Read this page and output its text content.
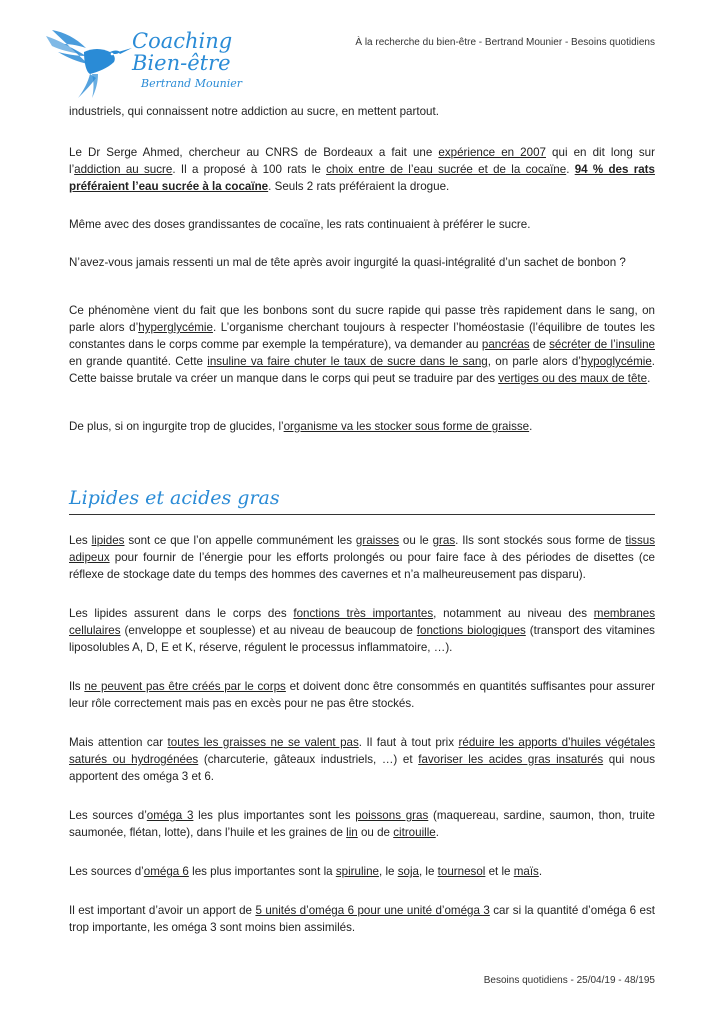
Coaching
Bien-être
Bertrand Mounier
À la recherche du bien-être - Bertrand Mounier - Besoins quotidiens

industriels, qui connaissent notre addiction au sucre, en mettent partout.

Le Dr Serge Ahmed, chercheur au CNRS de Bordeaux a fait une expérience en 2007 qui en dit long sur l’addiction au sucre. Il a proposé à 100 rats le choix entre de l’eau sucrée et de la cocaïne. 94 % des rats préféraient l’eau sucrée à la cocaïne. Seuls 2 rats préféraient la drogue.

Même avec des doses grandissantes de cocaïne, les rats continuaient à préférer le sucre.

N’avez-vous jamais ressenti un mal de tête après avoir ingurgité la quasi-intégralité d’un sachet de bonbon ?

Ce phénomène vient du fait que les bonbons sont du sucre rapide qui passe très rapidement dans le sang, on parle alors d’hyperglycémie. L’organisme cherchant toujours à respecter l’homéostasie (l’équilibre de toutes les constantes dans le corps comme par exemple la température), va demander au pancréas de sécréter de l’insuline en grande quantité. Cette insuline va faire chuter le taux de sucre dans le sang, on parle alors d’hypoglycémie. Cette baisse brutale va créer un manque dans le corps qui peut se traduire par des vertiges ou des maux de tête.

De plus, si on ingurgite trop de glucides, l’organisme va les stocker sous forme de graisse.

Lipides et acides gras

Les lipides sont ce que l’on appelle communément les graisses ou le gras. Ils sont stockés sous forme de tissus adipeux pour fournir de l’énergie pour les efforts prolongés ou pour faire face à des périodes de disettes (ce réflexe de stockage date du temps des hommes des cavernes et n’a malheureusement pas disparu).

Les lipides assurent dans le corps des fonctions très importantes, notamment au niveau des membranes cellulaires (enveloppe et souplesse) et au niveau de beaucoup de fonctions biologiques (transport des vitamines liposolubles A, D, E et K, réserve, régulent le processus inflammatoire, …).

Ils ne peuvent pas être créés par le corps et doivent donc être consommés en quantités suffisantes pour assurer leur rôle correctement mais pas en excès pour ne pas être stockés.

Mais attention car toutes les graisses ne se valent pas. Il faut à tout prix réduire les apports d’huiles végétales saturés ou hydrogénées (charcuterie, gâteaux industriels, …) et favoriser les acides gras insaturés qui nous apportent des oméga 3 et 6.

Les sources d’oméga 3 les plus importantes sont les poissons gras (maquereau, sardine, saumon, thon, truite saumonée, flétan, lotte), dans l’huile et les graines de lin ou de citrouille.

Les sources d’oméga 6 les plus importantes sont la spiruline, le soja, le tournesol et le maïs.

Il est important d’avoir un apport de 5 unités d’oméga 6 pour une unité d’oméga 3 car si la quantité d’oméga 6 est trop importante, les oméga 3 sont moins bien assimilés.

Besoins quotidiens - 25/04/19 - 48/195
